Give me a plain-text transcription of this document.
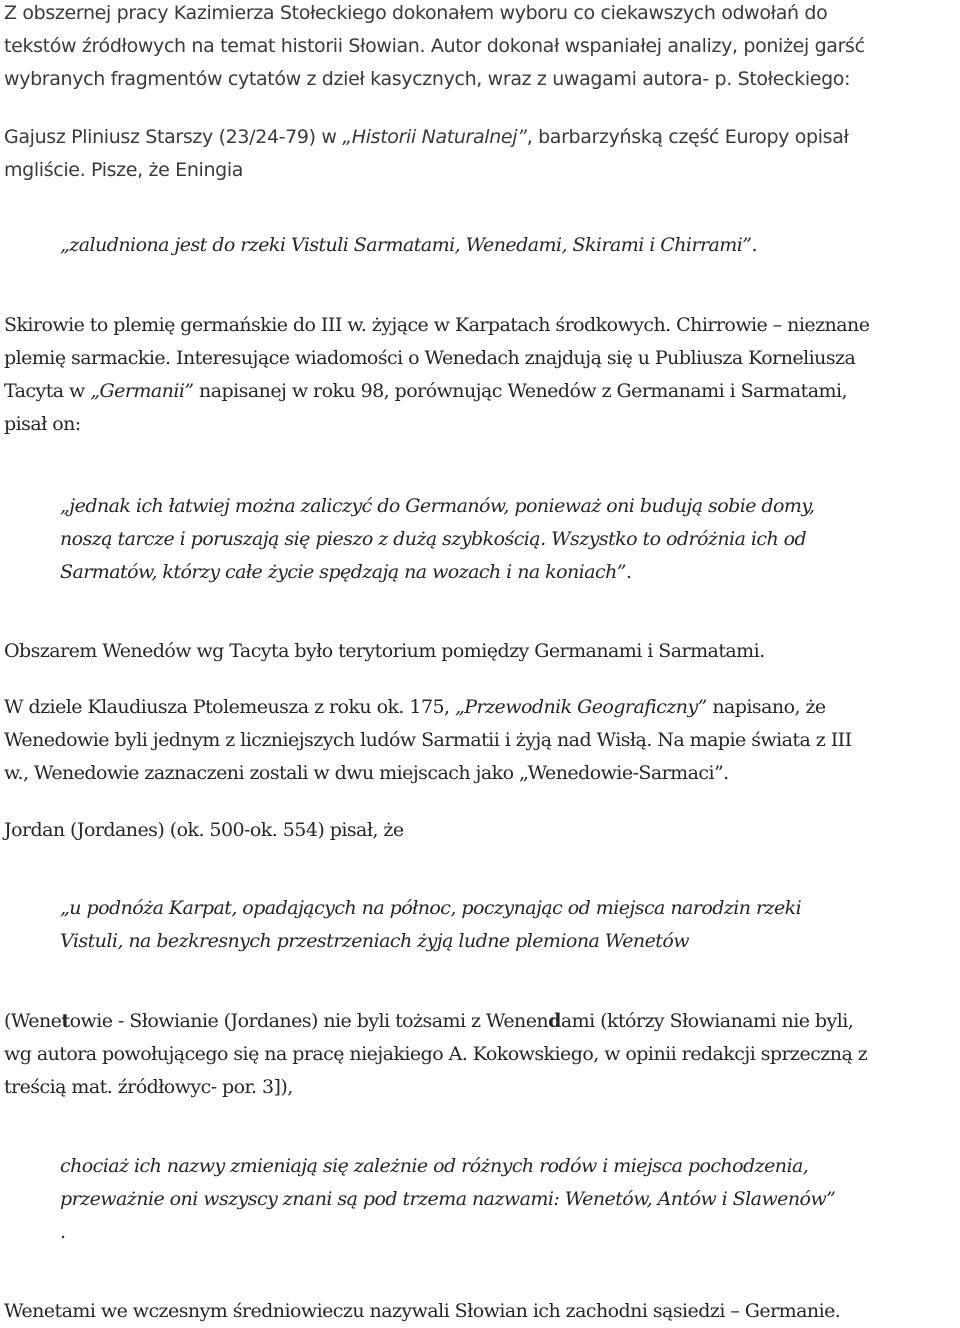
Z obszernej pracy Kazimierza Stołeckiego dokonałem wyboru co ciekawszych odwołań do
tekstów źródłowych na temat historii Słowian. Autor dokonał wspaniałej analizy, poniżej garść
wybranych fragmentów cytatów z dzieł kasycznych, wraz z uwagami autora- p. Stołeckiego:

Gajusz Pliniusz Starszy (23/24-79) w „Historii Naturalnej”, barbarzyńską część Europy opisał
mgliście. Pisze, że Eningia

„zaludniona jest do rzeki Vistuli Sarmatami, Wenedami, Skirami i Chirrami”.

Skirowie to plemię germańskie do III w. żyjące w Karpatach środkowych. Chirrowie – nieznane
plemię sarmackie. Interesujące wiadomości o Wenedach znajdują się u Publiusza Korneliusza
Tacyta w „Germanii” napisanej w roku 98, porównując Wenedów z Germanami i Sarmatami,
pisał on:

„jednak ich łatwiej można zaliczyć do Germanów, ponieważ oni budują sobie domy,
noszą tarcze i poruszają się pieszo z dużą szybkością. Wszystko to odróżnia ich od
Sarmatów, którzy całe życie spędzają na wozach i na koniach”.

Obszarem Wenedów wg Tacyta było terytorium pomiędzy Germanami i Sarmatami.

W dziele Klaudiusza Ptolemeusza z roku ok. 175, „Przewodnik Geograficzny” napisano, że
Wenedowie byli jednym z liczniejszych ludów Sarmatii i żyją nad Wisłą. Na mapie świata z III
w., Wenedowie zaznaczeni zostali w dwu miejscach jako „Wenedowie-Sarmaci”.

Jordan (Jordanes) (ok. 500-ok. 554) pisał, że

„u podnóża Karpat, opadających na północ, poczynając od miejsca narodzin rzeki
Vistuli, na bezkresnych przestrzeniach żyją ludne plemiona Wenetów

(Wenetowie - Słowianie (Jordanes) nie byli tożsami z Wenendami (którzy Słowianami nie byli,
wg autora powołującego się na pracę niejakiego A. Kokowskiego, w opinii redakcji sprzeczną z
treścią mat. źródłowyc- por. 3]),

chociaż ich nazwy zmieniają się zależnie od różnych rodów i miejsca pochodzenia,
przeważnie oni wszyscy znani są pod trzema nazwami: Wenetów, Antów i Slawenów”
.

Wenetami we wczesnym średniowieczu nazywali Słowian ich zachodni sąsiedzi – Germanie.
